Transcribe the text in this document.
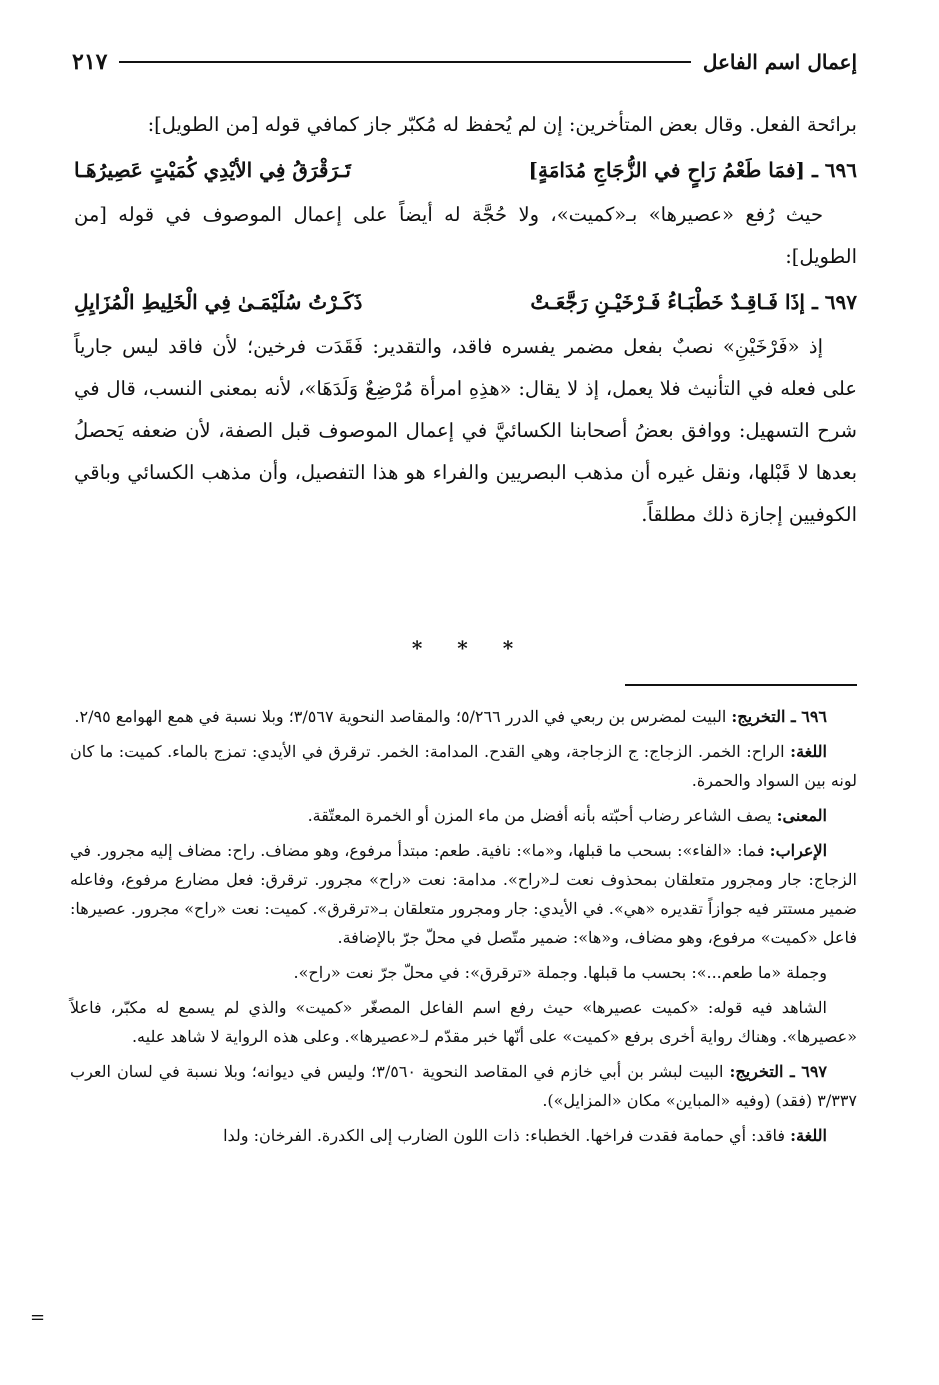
إعمال اسم الفاعل
٢١٧

برائحة الفعل. وقال بعض المتأخرين: إن لم يُحفظ له مُكبّر جاز كمافي قوله [من الطويل]:

٦٩٦ ـ [فمَا طَعْمُ رَاحٍ في الزُّجَاجِ مُدَامَةٍ]
تَـرَقْرَقُ فِي الأيْدِي كُمَيْتٍ عَصِيرُهَـا

حيث رُفع «عصيرها» بـ«كميت»، ولا حُجَّة له أيضاً على إعمال الموصوف في قوله [من الطويل]:

٦٩٧ ـ إذَا فَـاقِـدٌ خَطْبَـاءُ فَـرْخَيْـنِ رَجَّعَـتْ
ذَكَـرْتُ سُلَيْمَـىٰ فِي الْخَلِيطِ الْمُزَايِلِ

إذ «فَرْخَيْنِ» نصبٌ بفعل مضمر يفسره فاقد، والتقدير: فَقَدَت فرخين؛ لأن فاقد ليس جارياً على فعله في التأنيث فلا يعمل، إذ لا يقال: «هذِهِ امرأة مُرْضِعٌ وَلَدَهَا»، لأنه بمعنى النسب، قال في شرح التسهيل: ووافق بعضُ أصحابنا الكسائيَّ في إعمال الموصوف قبل الصفة، لأن ضعفه يَحصلُ بعدها لا قَبْلها، ونقل غيره أن مذهب البصريين والفراء هو هذا التفصيل، وأن مذهب الكسائي وباقي الكوفيين إجازة ذلك مطلقاً.

* * *

٦٩٦ ـ التخريج: البيت لمضرس بن ربعي في الدرر ٥/٢٦٦؛ والمقاصد النحوية ٣/٥٦٧؛ وبلا نسبة في همع الهوامع ٢/٩٥.

اللغة: الراح: الخمر. الزجاج: ج الزجاجة، وهي القدح. المدامة: الخمر. ترقرق في الأيدي: تمزج بالماء. كميت: ما كان لونه بين السواد والحمرة.

المعنى: يصف الشاعر رضاب أحبّته بأنه أفضل من ماء المزن أو الخمرة المعتّقة.

الإعراب: فما: «الفاء»: بسحب ما قبلها، و«ما»: نافية. طعم: مبتدأ مرفوع، وهو مضاف. راح: مضاف إليه مجرور. في الزجاج: جار ومجرور متعلقان بمحذوف نعت لـ«راح». مدامة: نعت «راح» مجرور. ترقرق: فعل مضارع مرفوع، وفاعله ضمير مستتر فيه جوازاً تقديره «هي». في الأيدي: جار ومجرور متعلقان بـ«ترقرق». كميت: نعت «راح» مجرور. عصيرها: فاعل «كميت» مرفوع، وهو مضاف، و«ها»: ضمير متّصل في محلّ جرّ بالإضافة.

وجملة «ما طعم...»: بحسب ما قبلها. وجملة «ترقرق»: في محلّ جرّ نعت «راح».

الشاهد فيه قوله: «كميت عصيرها» حيث رفع اسم الفاعل المصغّر «كميت» والذي لم يسمع له مكبّر، فاعلاً «عصيرها». وهناك رواية أخرى برفع «كميت» على أنّها خبر مقدّم لـ«عصيرها». وعلى هذه الرواية لا شاهد عليه.

٦٩٧ ـ التخريج: البيت لبشر بن أبي خازم في المقاصد النحوية ٣/٥٦٠؛ وليس في ديوانه؛ وبلا نسبة في لسان العرب ٣/٣٣٧ (فقد) (وفيه «المباين» مكان «المزايل»).

اللغة: فاقد: أي حمامة فقدت فراخها. الخطباء: ذات اللون الضارب إلى الكدرة. الفرخان: ولدا

=
